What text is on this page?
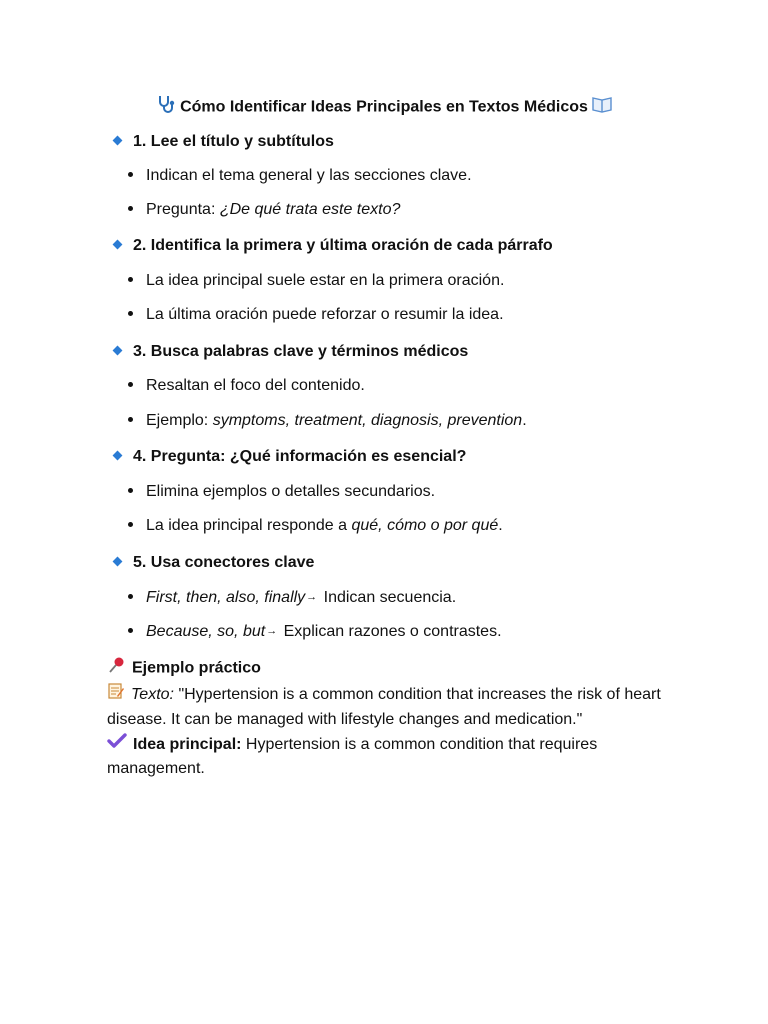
Cómo Identificar Ideas Principales en Textos Médicos
1. Lee el título y subtítulos
Indican el tema general y las secciones clave.
Pregunta: ¿De qué trata este texto?
2. Identifica la primera y última oración de cada párrafo
La idea principal suele estar en la primera oración.
La última oración puede reforzar o resumir la idea.
3. Busca palabras clave y términos médicos
Resaltan el foco del contenido.
Ejemplo: symptoms, treatment, diagnosis, prevention.
4. Pregunta: ¿Qué información es esencial?
Elimina ejemplos o detalles secundarios.
La idea principal responde a qué, cómo o por qué.
5. Usa conectores clave
First, then, also, finally→ Indican secuencia.
Because, so, but→ Explican razones o contrastes.
Ejemplo práctico
Texto: "Hypertension is a common condition that increases the risk of heart disease. It can be managed with lifestyle changes and medication."
Idea principal: Hypertension is a common condition that requires management.
